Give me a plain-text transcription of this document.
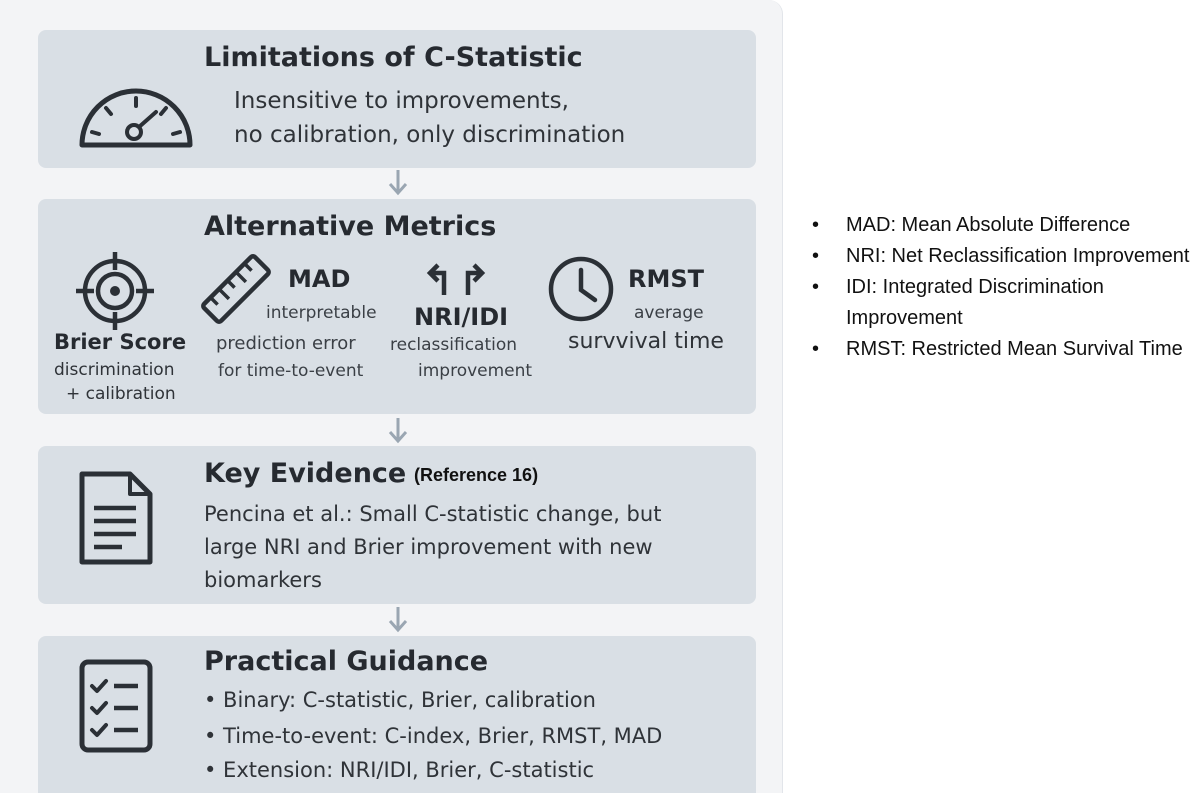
Limitations of C-Statistic
Insensitive to improvements,
no calibration, only discrimination
Alternative Metrics
Brier Score
discrimination
+ calibration
MAD
interpretable
prediction error
for time-to-event
NRI/IDI
reclassification
improvement
RMST
average
survvival time
Key Evidence (Reference 16)
Pencina et al.: Small C-statistic change, but
large NRI and Brier improvement with new
biomarkers
Practical Guidance
• Binary: C-statistic, Brier, calibration
• Time-to-event: C-index, Brier, RMST, MAD
• Extension: NRI/IDI, Brier, C-statistic
• MAD: Mean Absolute Difference
• NRI: Net Reclassification Improvement
• IDI: Integrated Discrimination Improvement
• RMST: Restricted Mean Survival Time
